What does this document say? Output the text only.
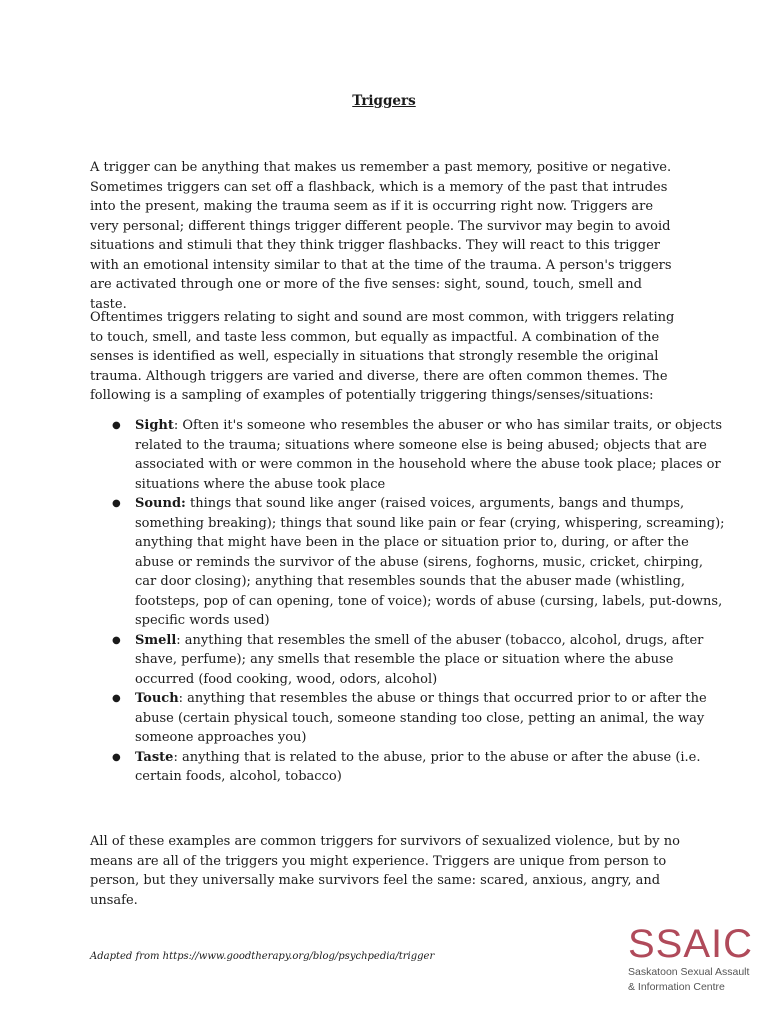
Triggers

A trigger can be anything that makes us remember a past memory, positive or negative. Sometimes triggers can set off a flashback, which is a memory of the past that intrudes into the present, making the trauma seem as if it is occurring right now. Triggers are very personal; different things trigger different people. The survivor may begin to avoid situations and stimuli that they think trigger flashbacks. They will react to this trigger with an emotional intensity similar to that at the time of the trauma. A person's triggers are activated through one or more of the five senses: sight, sound, touch, smell and taste.

Oftentimes triggers relating to sight and sound are most common, with triggers relating to touch, smell, and taste less common, but equally as impactful. A combination of the senses is identified as well, especially in situations that strongly resemble the original trauma. Although triggers are varied and diverse, there are often common themes. The following is a sampling of examples of potentially triggering things/senses/situations:

● Sight: Often it's someone who resembles the abuser or who has similar traits, or objects related to the trauma; situations where someone else is being abused; objects that are associated with or were common in the household where the abuse took place; places or situations where the abuse took place
● Sound: things that sound like anger (raised voices, arguments, bangs and thumps, something breaking); things that sound like pain or fear (crying, whispering, screaming); anything that might have been in the place or situation prior to, during, or after the abuse or reminds the survivor of the abuse (sirens, foghorns, music, cricket, chirping, car door closing); anything that resembles sounds that the abuser made (whistling, footsteps, pop of can opening, tone of voice); words of abuse (cursing, labels, put-downs, specific words used)
● Smell: anything that resembles the smell of the abuser (tobacco, alcohol, drugs, after shave, perfume); any smells that resemble the place or situation where the abuse occurred (food cooking, wood, odors, alcohol)
● Touch: anything that resembles the abuse or things that occurred prior to or after the abuse (certain physical touch, someone standing too close, petting an animal, the way someone approaches you)
● Taste: anything that is related to the abuse, prior to the abuse or after the abuse (i.e. certain foods, alcohol, tobacco)

All of these examples are common triggers for survivors of sexualized violence, but by no means are all of the triggers you might experience. Triggers are unique from person to person, but they universally make survivors feel the same: scared, anxious, angry, and unsafe.

Adapted from https://www.goodtherapy.org/blog/psychpedia/trigger	SSAIC
Saskatoon Sexual Assault
& Information Centre
